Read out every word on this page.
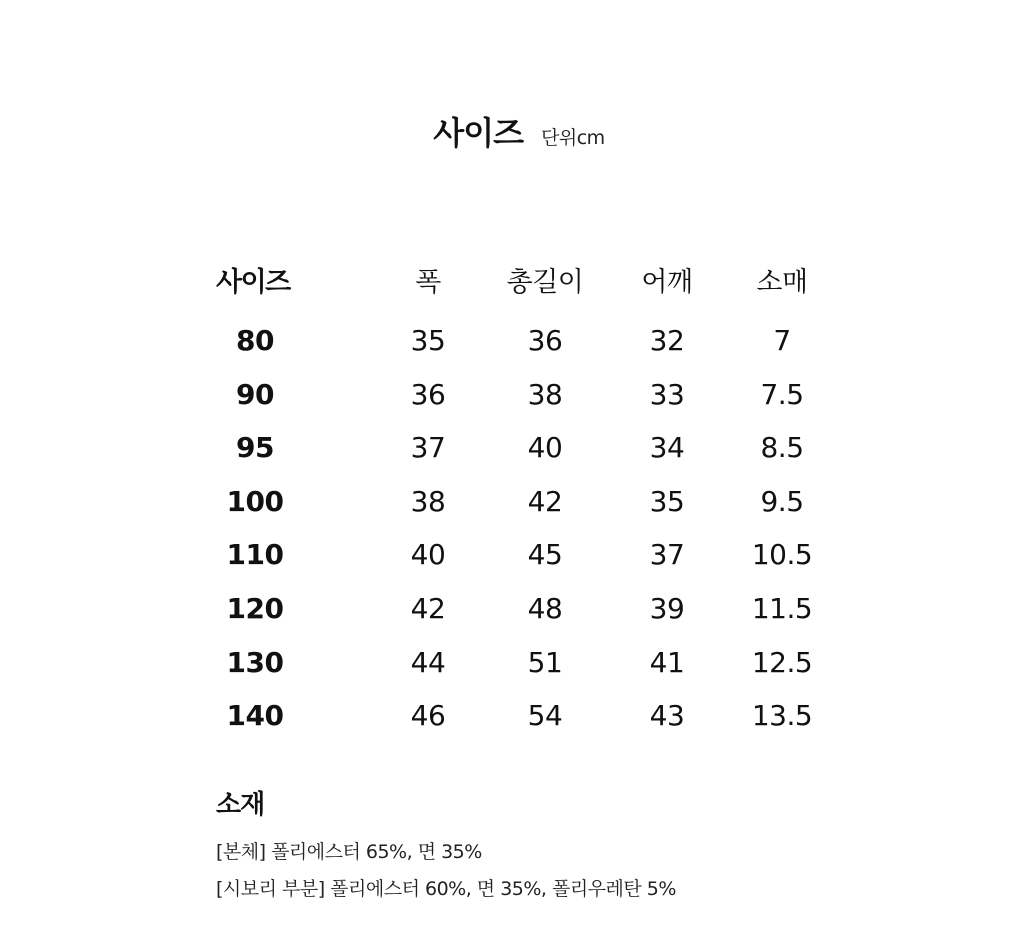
사이즈 단위cm
사이즈	폭	총길이	어깨	소매
80	35	36	32	7
90	36	38	33	7.5
95	37	40	34	8.5
100	38	42	35	9.5
110	40	45	37	10.5
120	42	48	39	11.5
130	44	51	41	12.5
140	46	54	43	13.5
소재
[본체] 폴리에스터 65%, 면 35%
[시보리 부분] 폴리에스터 60%, 면 35%, 폴리우레탄 5%
